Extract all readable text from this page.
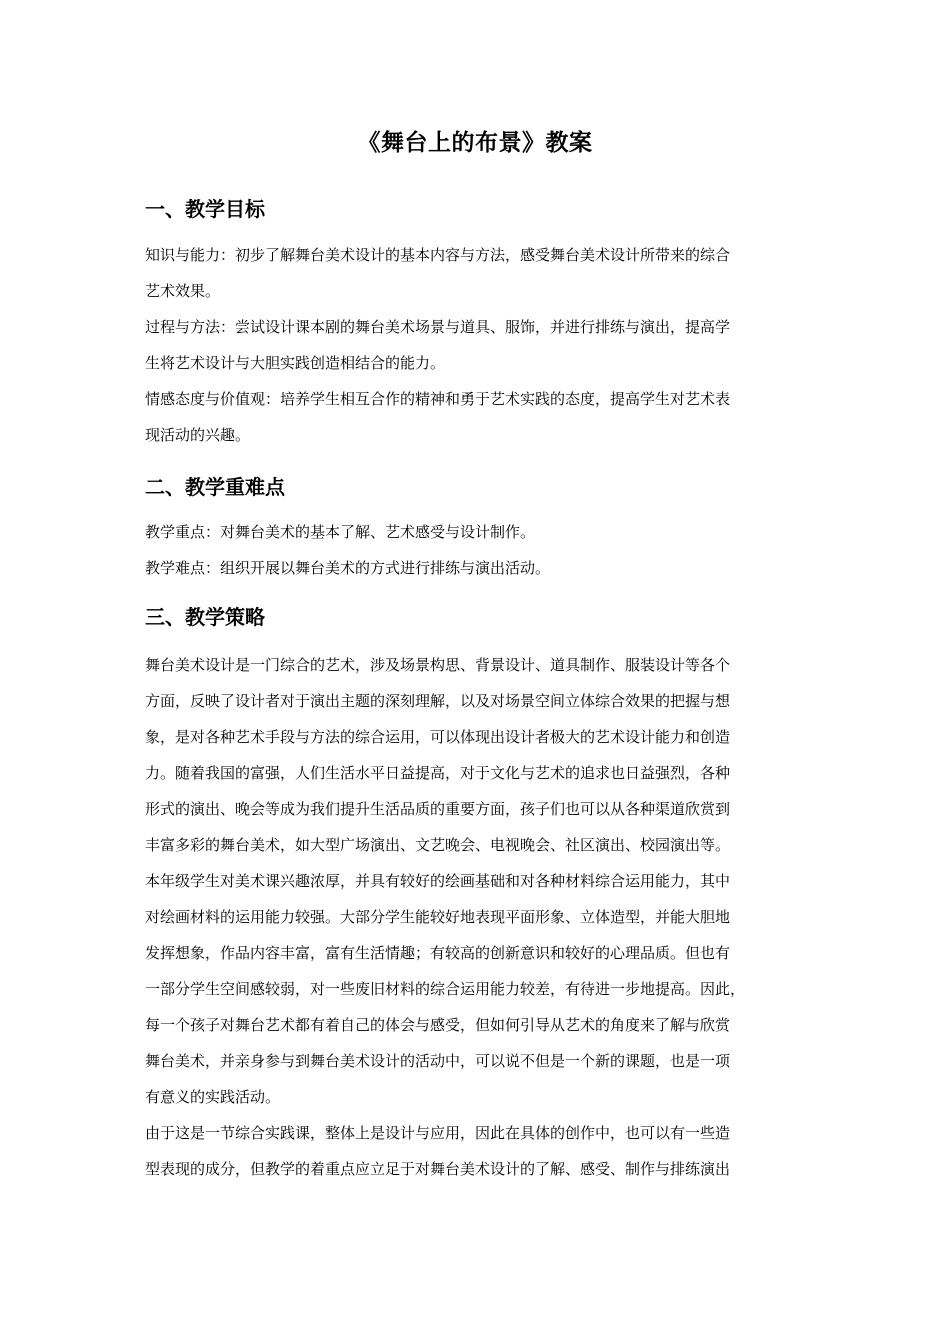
《舞台上的布景》教案
一、教学目标

知识与能力：初步了解舞台美术设计的基本内容与方法，感受舞台美术设计所带来的综合
艺术效果。

过程与方法：尝试设计课本剧的舞台美术场景与道具、服饰，并进行排练与演出，提高学
生将艺术设计与大胆实践创造相结合的能力。

情感态度与价值观：培养学生相互合作的精神和勇于艺术实践的态度，提高学生对艺术表
现活动的兴趣。

二、教学重难点

教学重点：对舞台美术的基本了解、艺术感受与设计制作。

教学难点：组织开展以舞台美术的方式进行排练与演出活动。

三、教学策略

舞台美术设计是一门综合的艺术，涉及场景构思、背景设计、道具制作、服装设计等各个
方面，反映了设计者对于演出主题的深刻理解，以及对场景空间立体综合效果的把握与想
象，是对各种艺术手段与方法的综合运用，可以体现出设计者极大的艺术设计能力和创造
力。随着我国的富强，人们生活水平日益提高，对于文化与艺术的追求也日益强烈，各种
形式的演出、晚会等成为我们提升生活品质的重要方面，孩子们也可以从各种渠道欣赏到
丰富多彩的舞台美术，如大型广场演出、文艺晚会、电视晚会、社区演出、校园演出等。

本年级学生对美术课兴趣浓厚，并具有较好的绘画基础和对各种材料综合运用能力，其中
对绘画材料的运用能力较强。大部分学生能较好地表现平面形象、立体造型，并能大胆地
发挥想象，作品内容丰富，富有生活情趣；有较高的创新意识和较好的心理品质。但也有
一部分学生空间感较弱，对一些废旧材料的综合运用能力较差，有待进一步地提高。因此，
每一个孩子对舞台艺术都有着自己的体会与感受，但如何引导从艺术的角度来了解与欣赏
舞台美术，并亲身参与到舞台美术设计的活动中，可以说不但是一个新的课题，也是一项
有意义的实践活动。

由于这是一节综合实践课，整体上是设计与应用，因此在具体的创作中，也可以有一些造
型表现的成分，但教学的着重点应立足于对舞台美术设计的了解、感受、制作与排练演出
